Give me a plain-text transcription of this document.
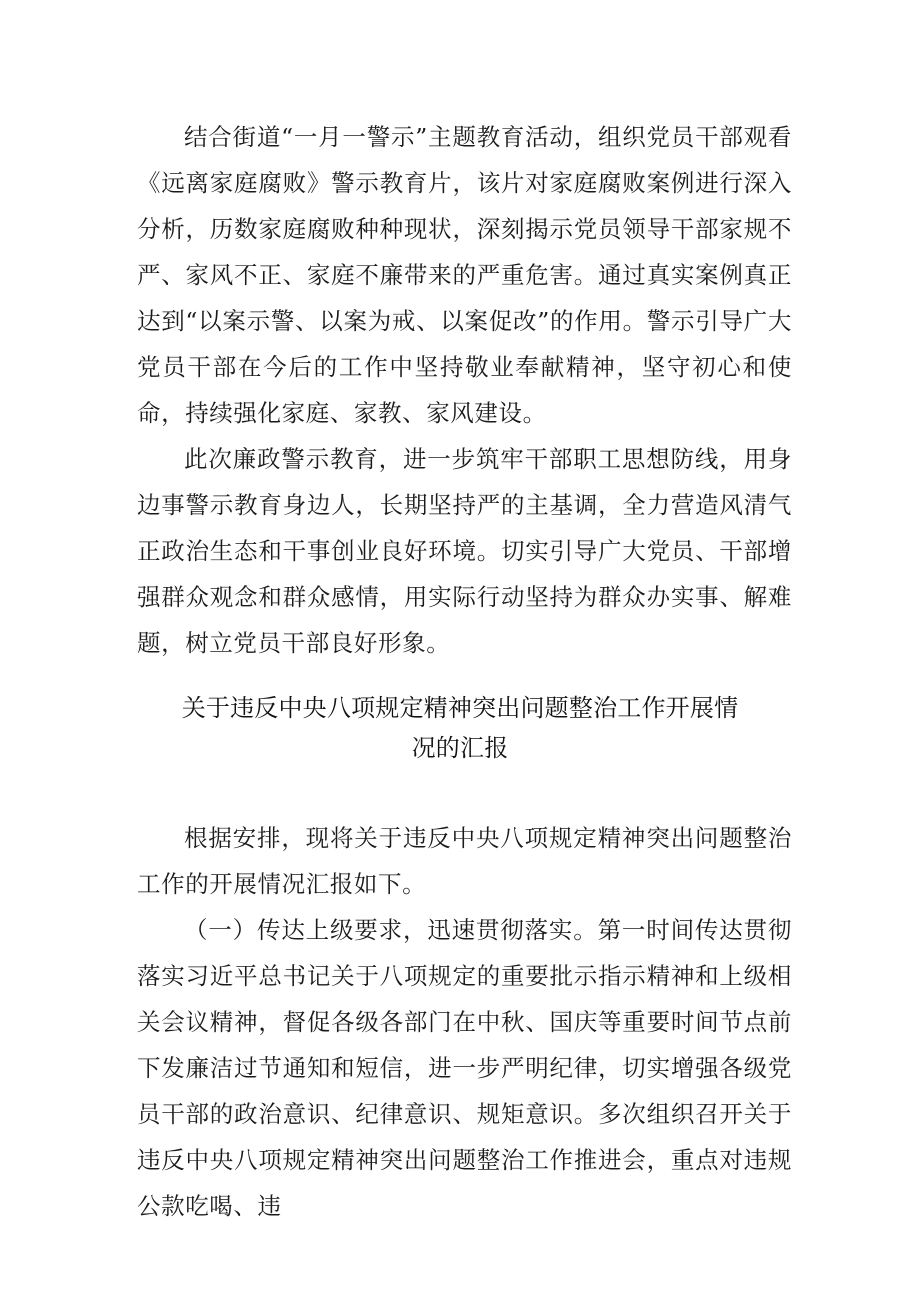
结合街道“一月一警示”主题教育活动，组织党员干部观看《远离家庭腐败》警示教育片，该片对家庭腐败案例进行深入分析，历数家庭腐败种种现状，深刻揭示党员领导干部家规不严、家风不正、家庭不廉带来的严重危害。通过真实案例真正达到“以案示警、以案为戒、以案促改”的作用。警示引导广大党员干部在今后的工作中坚持敬业奉献精神，坚守初心和使命，持续强化家庭、家教、家风建设。

此次廉政警示教育，进一步筑牢干部职工思想防线，用身边事警示教育身边人，长期坚持严的主基调，全力营造风清气正政治生态和干事创业良好环境。切实引导广大党员、干部增强群众观念和群众感情，用实际行动坚持为群众办实事、解难题，树立党员干部良好形象。

关于违反中央八项规定精神突出问题整治工作开展情
况的汇报

根据安排，现将关于违反中央八项规定精神突出问题整治工作的开展情况汇报如下。

（一）传达上级要求，迅速贯彻落实。第一时间传达贯彻落实习近平总书记关于八项规定的重要批示指示精神和上级相关会议精神，督促各级各部门在中秋、国庆等重要时间节点前下发廉洁过节通知和短信，进一步严明纪律，切实增强各级党员干部的政治意识、纪律意识、规矩意识。多次组织召开关于违反中央八项规定精神突出问题整治工作推进会，重点对违规公款吃喝、违
